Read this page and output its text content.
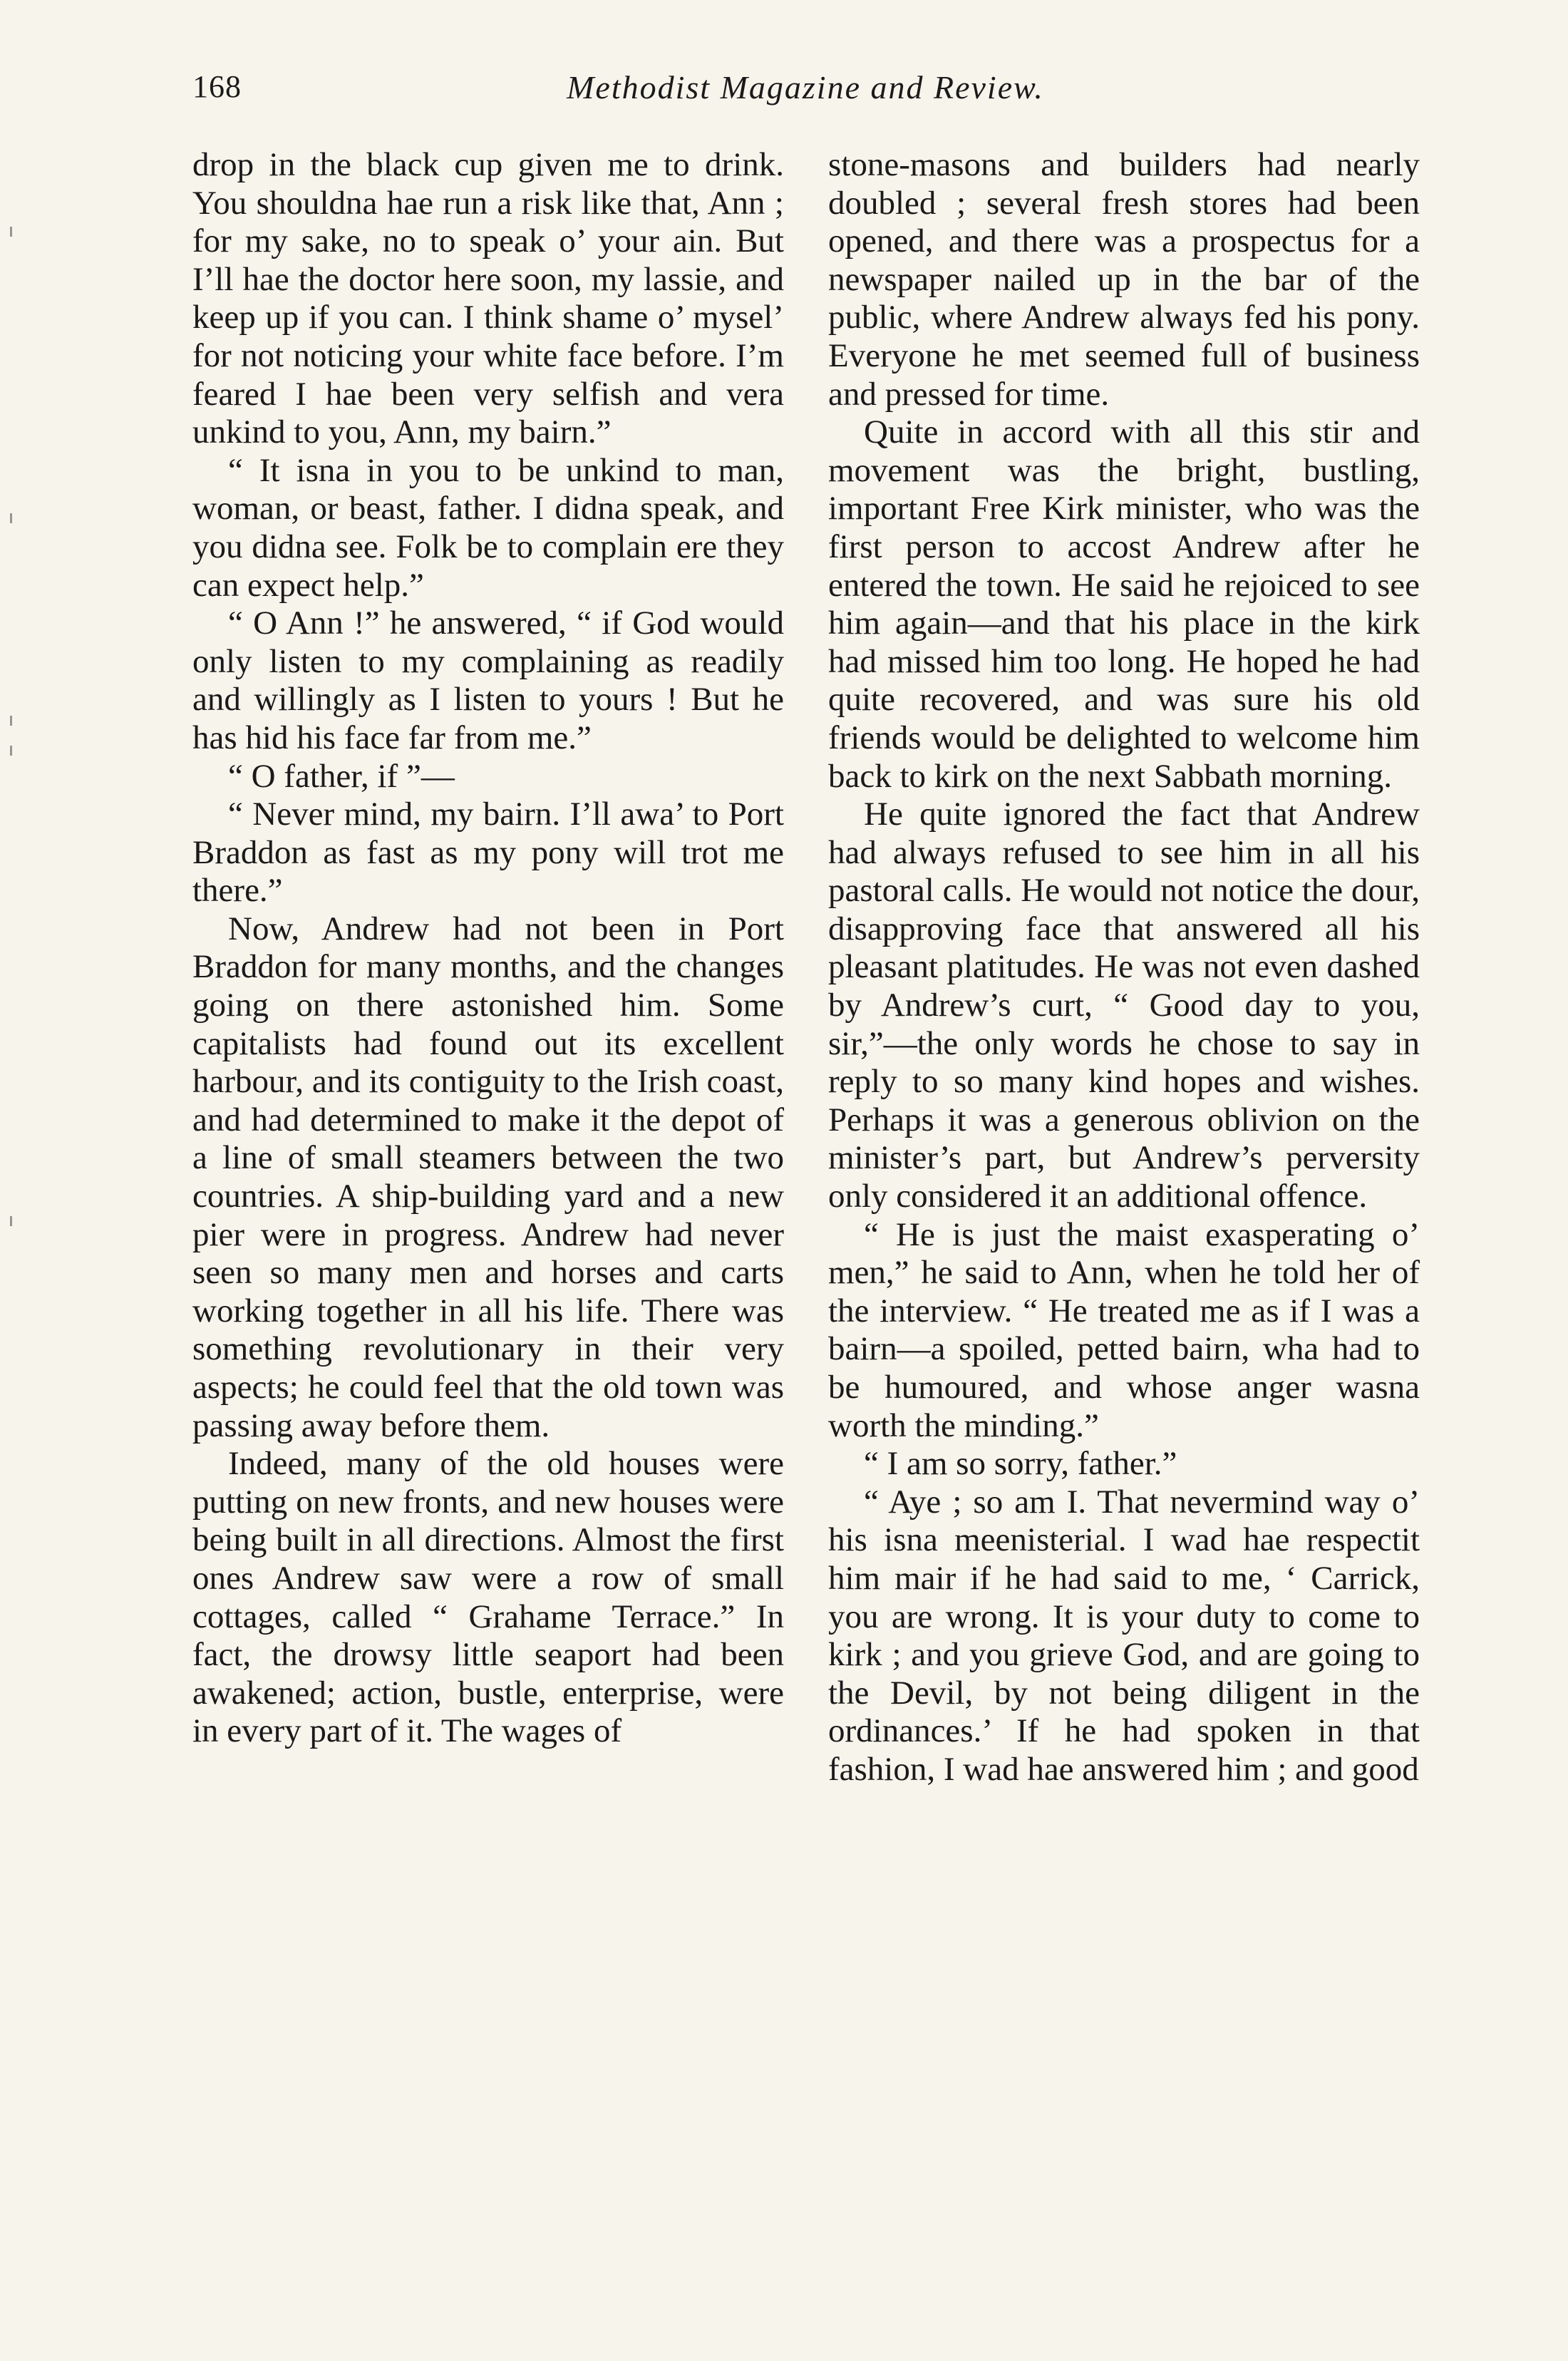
168	Methodist Magazine and Review.

drop in the black cup given me to drink. You shouldna hae run a risk like that, Ann ; for my sake, no to speak o’ your ain. But I’ll hae the doctor here soon, my lassie, and keep up if you can. I think shame o’ mysel’ for not noticing your white face before. I’m feared I hae been very selfish and vera unkind to you, Ann, my bairn.”

“ It isna in you to be unkind to man, woman, or beast, father. I didna speak, and you didna see. Folk be to complain ere they can expect help.”

“ O Ann !” he answered, “ if God would only listen to my complaining as readily and willingly as I listen to yours ! But he has hid his face far from me.”

“ O father, if ”—

“ Never mind, my bairn. I’ll awa’ to Port Braddon as fast as my pony will trot me there.”

Now, Andrew had not been in Port Braddon for many months, and the changes going on there astonished him. Some capitalists had found out its excellent harbour, and its contiguity to the Irish coast, and had determined to make it the depot of a line of small steamers between the two countries. A ship-building yard and a new pier were in progress. Andrew had never seen so many men and horses and carts working together in all his life. There was something revolutionary in their very aspects; he could feel that the old town was passing away before them.

Indeed, many of the old houses were putting on new fronts, and new houses were being built in all directions. Almost the first ones Andrew saw were a row of small cottages, called “ Grahame Terrace.” In fact, the drowsy little seaport had been awakened; action, bustle, enterprise, were in every part of it. The wages of

stone-masons and builders had nearly doubled ; several fresh stores had been opened, and there was a prospectus for a newspaper nailed up in the bar of the public, where Andrew always fed his pony. Everyone he met seemed full of business and pressed for time.

Quite in accord with all this stir and movement was the bright, bustling, important Free Kirk minister, who was the first person to accost Andrew after he entered the town. He said he rejoiced to see him again—and that his place in the kirk had missed him too long. He hoped he had quite recovered, and was sure his old friends would be delighted to welcome him back to kirk on the next Sabbath morning.

He quite ignored the fact that Andrew had always refused to see him in all his pastoral calls. He would not notice the dour, disapproving face that answered all his pleasant platitudes. He was not even dashed by Andrew’s curt, “ Good day to you, sir,”—the only words he chose to say in reply to so many kind hopes and wishes. Perhaps it was a generous oblivion on the minister’s part, but Andrew’s perversity only considered it an additional offence.

“ He is just the maist exasperating o’ men,” he said to Ann, when he told her of the interview. “ He treated me as if I was a bairn—a spoiled, petted bairn, wha had to be humoured, and whose anger wasna worth the minding.”

“ I am so sorry, father.”

“ Aye ; so am I. That nevermind way o’ his isna meenisterial. I wad hae respectit him mair if he had said to me, ‘ Carrick, you are wrong. It is your duty to come to kirk ; and you grieve God, and are going to the Devil, by not being diligent in the ordinances.’ If he had spoken in that fashion, I wad hae answered him ; and good
